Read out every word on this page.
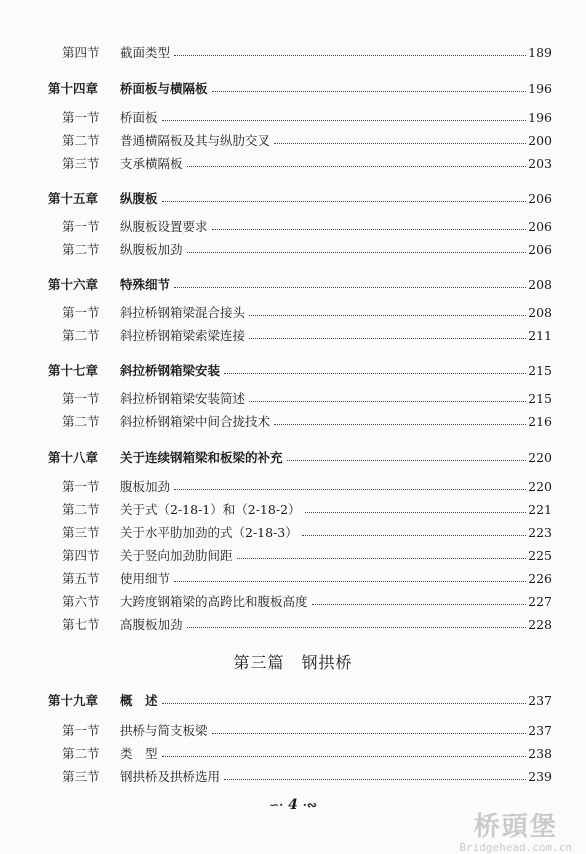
第四节	截面类型	189
第十四章	桥面板与横隔板	196
第一节	桥面板	196
第二节	普通横隔板及其与纵肋交叉	200
第三节	支承横隔板	203
第十五章	纵腹板	206
第一节	纵腹板设置要求	206
第二节	纵腹板加劲	206
第十六章	特殊细节	208
第一节	斜拉桥钢箱梁混合接头	208
第二节	斜拉桥钢箱梁索梁连接	211
第十七章	斜拉桥钢箱梁安装	215
第一节	斜拉桥钢箱梁安装简述	215
第二节	斜拉桥钢箱梁中间合拢技术	216
第十八章	关于连续钢箱梁和板梁的补充	220
第一节	腹板加劲	220
第二节	关于式（2-18-1）和（2-18-2）	221
第三节	关于水平肋加劲的式（2-18-3）	223
第四节	关于竖向加劲肋间距	225
第五节	使用细节	226
第六节	大跨度钢箱梁的高跨比和腹板高度	227
第七节	高腹板加劲	228
第三篇　钢拱桥
第十九章	概　述	237
第一节	拱桥与简支板梁	237
第二节	类　型	238
第三节	钢拱桥及拱桥选用	239
∽· 4 ·∾
桥頭堡
Bridgehead.com.cn
